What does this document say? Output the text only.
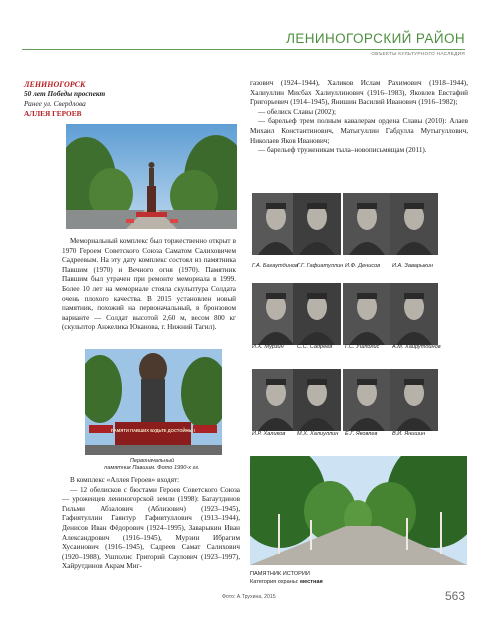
ЛЕНИНОГОРСКИЙ РАЙОН
ОБЪЕКТЫ КУЛЬТУРНОГО НАСЛЕДИЯ
ЛЕНИНОГОРСК
50 лет Победы проспект
Ранее ул. Свердлова
АЛЛЕЯ ГЕРОЕВ

газович (1924–1944), Халиков Ислам Рахимович (1918–1944), Халиуллин Мисбах Халиуллинович (1916–1983), Яковлев Евстафий Григорьевич (1914–1945), Янишин Василий Иванович (1916–1982);

— обелиск Славы (2002);

— барельеф трем полным кавалерам ордена Славы (2010): Алаев Михаил Константинович, Матыгуллин Габдулла Мутыгуллович, Николаев Яков Иванович;

— барельеф труженикам тыла–новописьмящам (2011).

Мемориальный комплекс был торжественно открыт в 1970 Героем Советского Союза Саматом Салиховичем Садреевым. На эту дату комплекс состоял из памятника Павшим (1970) и Вечного огня (1970). Памятник Павшим был утрачен при ремонте мемориала в 1999. Более 10 лет на мемориале стояла скульптура Солдата очень плохого качества. В 2015 установлен новый памятник, похожий на первоначальный, в бронзовом варианте — Солдат высотой 2,60 м, весом 800 кг (скульптор Анжелика Юканова, г. Нижний Тагил).

ПАМЯТИ ПАВШИХ БУДЬТЕ ДОСТОЙНЫ !
Первоначальный
памятник Павшим. Фото 1990-х гг.

В комплекс «Аллея Героев» входят:

— 12 обелисков с бюстами Героев Советского Союза — уроженцев лениногорской земли (1998): Багаутдинов Гильми Абзалович (Аблизович) (1923–1945), Гафиятуллин Гаянтур Гафиятуллович (1913–1944), Денисов Иван Фёдорович (1924–1995), Заварыкин Иван Александрович (1916–1945), Мурзин Ибрагим Хусаинович (1916–1945), Садреев Самат Салихович (1920–1988), Ушполис Григорий Саулович (1923–1997), Хайрутдинов Акрам Миг-

Г.А. Багаутдинов Г.Г. Гафиатуллин И.Ф. Денисов И.А. Заварыкин
И.Х. Мурзин С.С. Садреев Г.С. Ушполис А.М. Хайрутдинов
И.Р. Халиков М.Х. Халиуллин Е.Г. Яковлев	В.И. Янишин
ПАМЯТНИК ИСТОРИИ
Категория охраны: местная
Фото: А.Трухина, 2015	563
